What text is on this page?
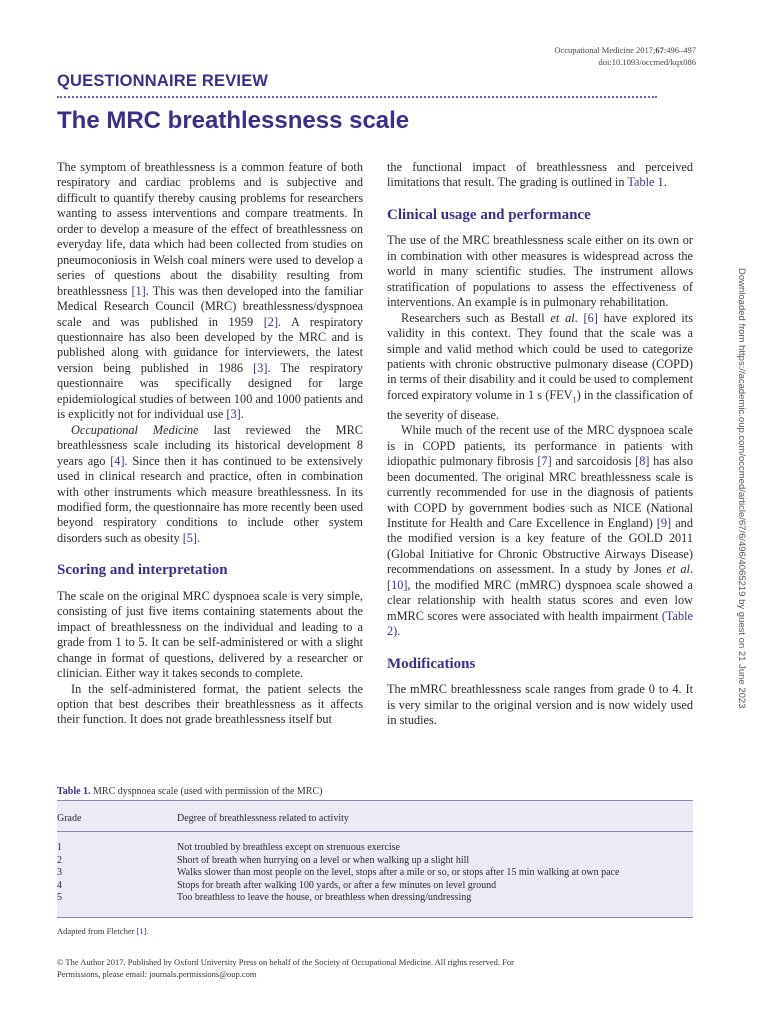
Occupational Medicine 2017;67:496–497
doi:10.1093/occmed/kqx086
QUESTIONNAIRE REVIEW
The MRC breathlessness scale

The symptom of breathlessness is a common feature of both respiratory and cardiac problems and is subjective and difficult to quantify thereby causing problems for researchers wanting to assess interventions and compare treatments. In order to develop a measure of the effect of breathlessness on everyday life, data which had been collected from studies on pneumoconiosis in Welsh coal miners were used to develop a series of questions about the disability resulting from breathlessness [1]. This was then developed into the familiar Medical Research Council (MRC) breathlessness/dyspnoea scale and was published in 1959 [2]. A respiratory questionnaire has also been developed by the MRC and is published along with guidance for interviewers, the latest version being published in 1986 [3]. The respiratory questionnaire was specifically designed for large epidemiological studies of between 100 and 1000 patients and is explicitly not for individual use [3].

Occupational Medicine last reviewed the MRC breathlessness scale including its historical development 8 years ago [4]. Since then it has continued to be extensively used in clinical research and practice, often in combination with other instruments which measure breathlessness. In its modified form, the questionnaire has more recently been used beyond respiratory conditions to include other system disorders such as obesity [5].

Scoring and interpretation

The scale on the original MRC dyspnoea scale is very simple, consisting of just five items containing statements about the impact of breathlessness on the individual and leading to a grade from 1 to 5. It can be self-administered or with a slight change in format of questions, delivered by a researcher or clinician. Either way it takes seconds to complete.

In the self-administered format, the patient selects the option that best describes their breathlessness as it affects their function. It does not grade breathlessness itself but

the functional impact of breathlessness and perceived limitations that result. The grading is outlined in Table 1.

Clinical usage and performance

The use of the MRC breathlessness scale either on its own or in combination with other measures is widespread across the world in many scientific studies. The instrument allows stratification of populations to assess the effectiveness of interventions. An example is in pulmonary rehabilitation.

Researchers such as Bestall et al. [6] have explored its validity in this context. They found that the scale was a simple and valid method which could be used to categorize patients with chronic obstructive pulmonary disease (COPD) in terms of their disability and it could be used to complement forced expiratory volume in 1 s $(FEV_1)$ in the classification of the severity of disease.

While much of the recent use of the MRC dyspnoea scale is in COPD patients, its performance in patients with idiopathic pulmonary fibrosis [7] and sarcoidosis [8] has also been documented. The original MRC breathlessness scale is currently recommended for use in the diagnosis of patients with COPD by government bodies such as NICE (National Institute for Health and Care Excellence in England) [9] and the modified version is a key feature of the GOLD 2011 (Global Initiative for Chronic Obstructive Airways Disease) recommendations on assessment. In a study by Jones et al. [10], the modified MRC (mMRC) dyspnoea scale showed a clear relationship with health status scores and even low mMRC scores were associated with health impairment (Table 2).

Modifications

The mMRC breathlessness scale ranges from grade 0 to 4. It is very similar to the original version and is now widely used in studies.

Downloaded from https://academic.oup.com/occmed/article/67/6/496/4065219 by guest on 21 June 2023
Table 1. MRC dyspnoea scale (used with permission of the MRC)
Grade	Degree of breathlessness related to activity
1	Not troubled by breathless except on strenuous exercise
2	Short of breath when hurrying on a level or when walking up a slight hill
3	Walks slower than most people on the level, stops after a mile or so, or stops after 15 min walking at own pace
4	Stops for breath after walking 100 yards, or after a few minutes on level ground
5	Too breathless to leave the house, or breathless when dressing/undressing
Adapted from Fletcher [1].
© The Author 2017. Published by Oxford University Press on behalf of the Society of Occupational Medicine. All rights reserved. For Permissions, please email: journals.permissions@oup.com
